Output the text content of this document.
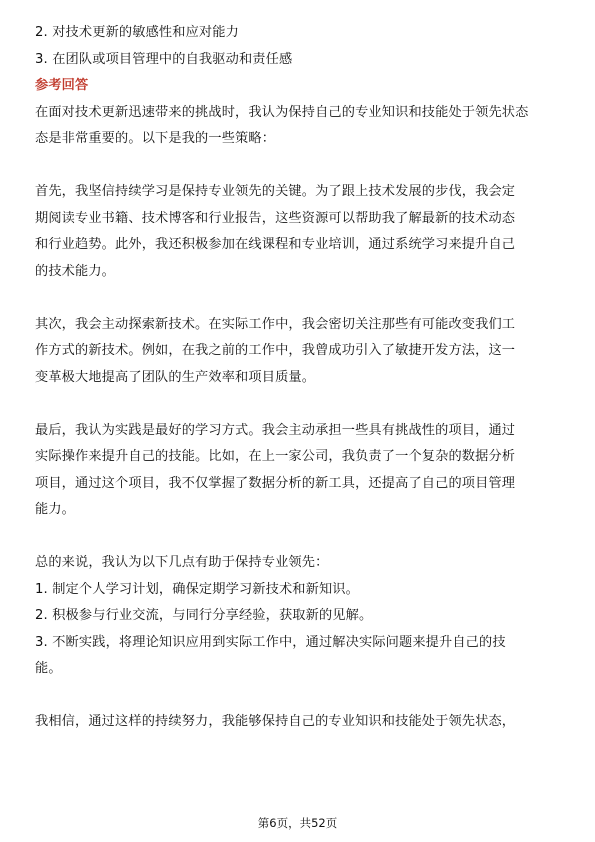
2. 对技术更新的敏感性和应对能力
3. 在团队或项目管理中的自我驱动和责任感
参考回答
在面对技术更新迅速带来的挑战时，我认为保持自己的专业知识和技能处于领先状态
态是非常重要的。以下是我的一些策略：
首先，我坚信持续学习是保持专业领先的关键。为了跟上技术发展的步伐，我会定
期阅读专业书籍、技术博客和行业报告，这些资源可以帮助我了解最新的技术动态
和行业趋势。此外，我还积极参加在线课程和专业培训，通过系统学习来提升自己
的技术能力。
其次，我会主动探索新技术。在实际工作中，我会密切关注那些有可能改变我们工
作方式的新技术。例如，在我之前的工作中，我曾成功引入了敏捷开发方法，这一
变革极大地提高了团队的生产效率和项目质量。
最后，我认为实践是最好的学习方式。我会主动承担一些具有挑战性的项目，通过
实际操作来提升自己的技能。比如，在上一家公司，我负责了一个复杂的数据分析
项目，通过这个项目，我不仅掌握了数据分析的新工具，还提高了自己的项目管理
能力。
总的来说，我认为以下几点有助于保持专业领先：
1. 制定个人学习计划，确保定期学习新技术和新知识。
2. 积极参与行业交流，与同行分享经验，获取新的见解。
3. 不断实践，将理论知识应用到实际工作中，通过解决实际问题来提升自己的技
能。
我相信，通过这样的持续努力，我能够保持自己的专业知识和技能处于领先状态，
第6页，共52页
